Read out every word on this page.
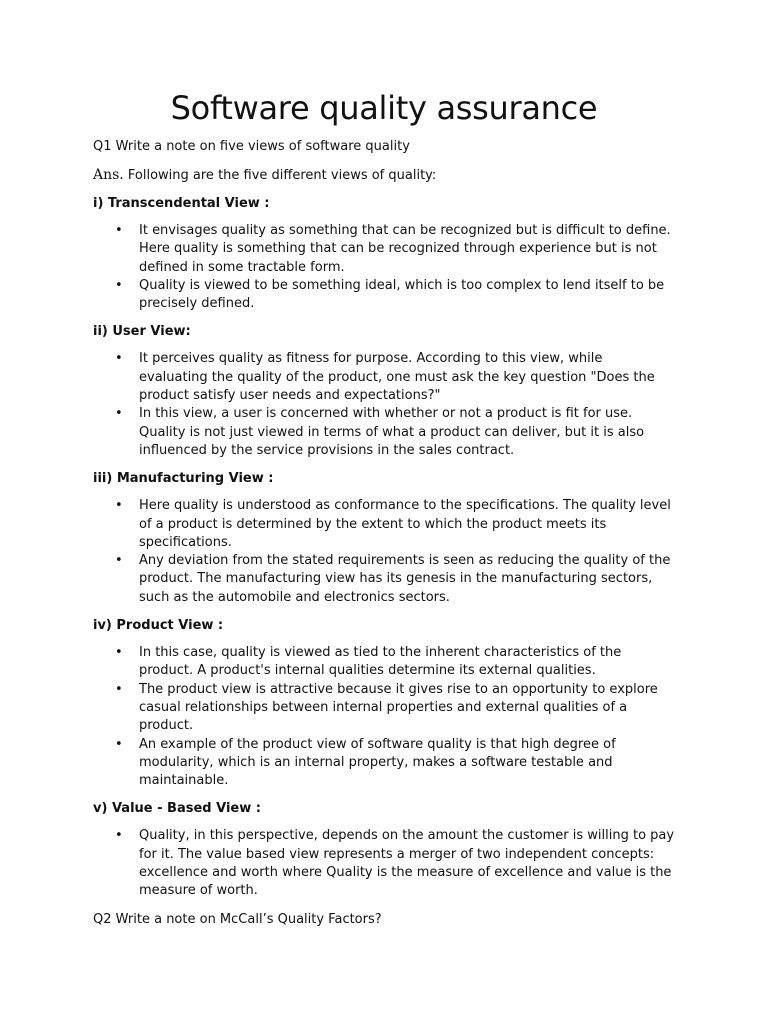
Software quality assurance

Q1 Write a note on five views of software quality

Ans. Following are the five different views of quality:

i) Transcendental View :

• It envisages quality as something that can be recognized but is difficult to define. Here quality is something that can be recognized through experience but is not defined in some tractable form.
• Quality is viewed to be something ideal, which is too complex to lend itself to be precisely defined.

ii) User View:

• It perceives quality as fitness for purpose. According to this view, while evaluating the quality of the product, one must ask the key question "Does the product satisfy user needs and expectations?"
• In this view, a user is concerned with whether or not a product is fit for use. Quality is not just viewed in terms of what a product can deliver, but it is also influenced by the service provisions in the sales contract.

iii) Manufacturing View :

• Here quality is understood as conformance to the specifications. The quality level of a product is determined by the extent to which the product meets its specifications.
• Any deviation from the stated requirements is seen as reducing the quality of the product. The manufacturing view has its genesis in the manufacturing sectors, such as the automobile and electronics sectors.

iv) Product View :

• In this case, quality is viewed as tied to the inherent characteristics of the product. A product's internal qualities determine its external qualities.
• The product view is attractive because it gives rise to an opportunity to explore casual relationships between internal properties and external qualities of a product.
• An example of the product view of software quality is that high degree of modularity, which is an internal property, makes a software testable and maintainable.

v) Value - Based View :

• Quality, in this perspective, depends on the amount the customer is willing to pay for it. The value based view represents a merger of two independent concepts: excellence and worth where Quality is the measure of excellence and value is the measure of worth.

Q2 Write a note on McCall’s Quality Factors?
